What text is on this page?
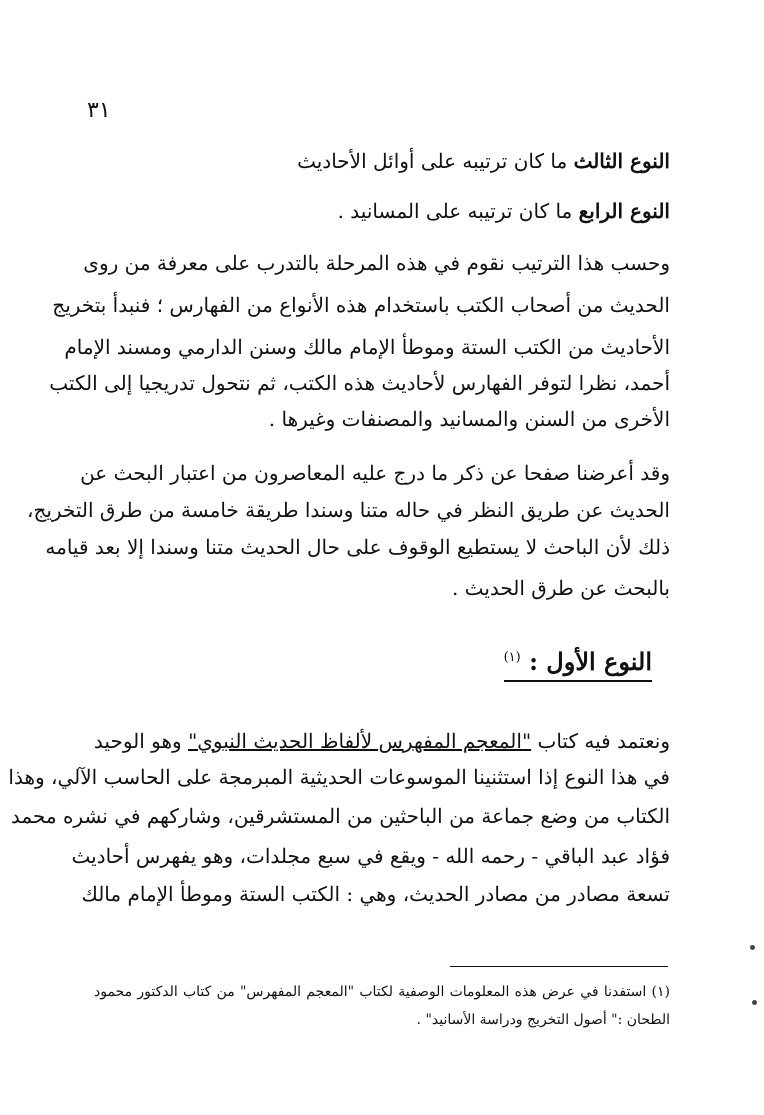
٣١
النوع الثالث ما كان ترتيبه على أوائل الأحاديث
النوع الرابع ما كان ترتيبه على المسانيد .
وحسب هذا الترتيب نقوم في هذه المرحلة بالتدرب على معرفة من روى
الحديث من أصحاب الكتب باستخدام هذه الأنواع من الفهارس ؛ فنبدأ بتخريج
الأحاديث من الكتب الستة وموطأ الإمام مالك وسنن الدارمي ومسند الإمام
أحمد، نظرا لتوفر الفهارس لأحاديث هذه الكتب، ثم نتحول تدريجيا إلى الكتب
الأخرى من السنن والمسانيد والمصنفات وغيرها .
وقد أعرضنا صفحا عن ذكر ما درج عليه المعاصرون من اعتبار البحث عن
الحديث عن طريق النظر في حاله متنا وسندا طريقة خامسة من طرق التخريج،
ذلك لأن الباحث لا يستطيع الوقوف على حال الحديث متنا وسندا إلا بعد قيامه
بالبحث عن طرق الحديث .
النوع الأول : $^{(١)}$
ونعتمد فيه كتاب "المعجم المفهرس لألفاظ الحديث النبوي" وهو الوحيد
في هذا النوع إذا استثنينا الموسوعات الحديثية المبرمجة على الحاسب الآلي، وهذا
الكتاب من وضع جماعة من الباحثين من المستشرقين، وشاركهم في نشره محمد
فؤاد عبد الباقي - رحمه الله - ويقع في سبع مجلدات، وهو يفهرس أحاديث
تسعة مصادر من مصادر الحديث، وهي : الكتب الستة وموطأ الإمام مالك
(١) استفدنا في عرض هذه المعلومات الوصفية لكتاب "المعجم المفهرس" من كتاب الدكتور محمود
الطحان :" أصول التخريج ودراسة الأسانيد" .
